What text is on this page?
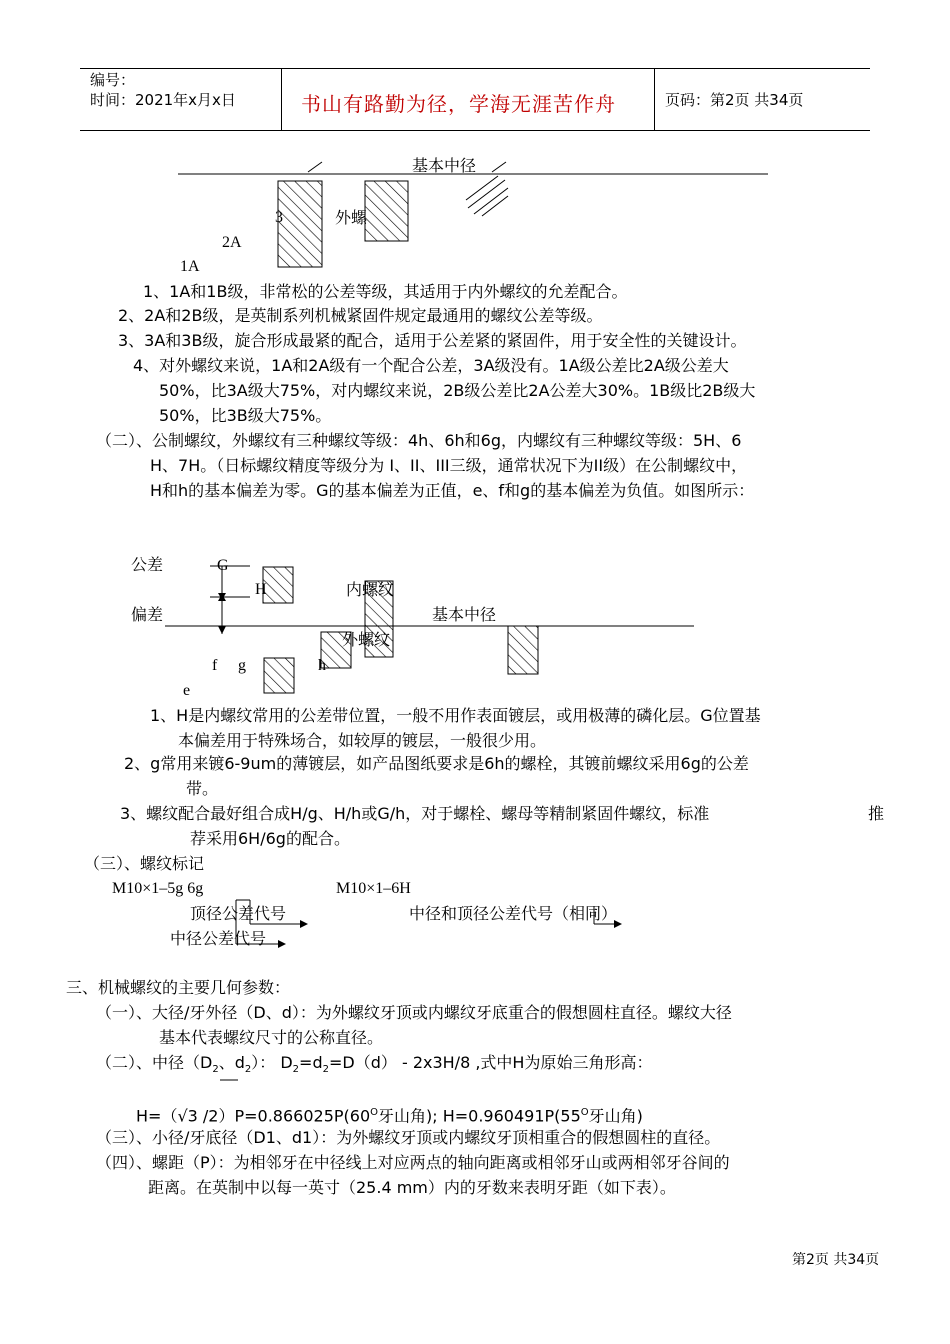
编号：
时间：2021年x月x日	书山有路勤为径，学海无涯苦作舟	页码：第2页 共34页
基本中径
外螺
3
2A
1A
1、1A和1B级，非常松的公差等级，其适用于内外螺纹的允差配合。
2、2A和2B级，是英制系列机械紧固件规定最通用的螺纹公差等级。
3、3A和3B级，旋合形成最紧的配合，适用于公差紧的紧固件，用于安全性的关键设计。
4、对外螺纹来说，1A和2A级有一个配合公差，3A级没有。1A级公差比2A级公差大
50%，比3A级大75%，对内螺纹来说，2B级公差比2A公差大30%。1B级比2B级大
50%，比3B级大75%。
（二）、公制螺纹，外螺纹有三种螺纹等级：4h、6h和6g，内螺纹有三种螺纹等级：5H、6
H、7H。（日标螺纹精度等级分为 I、II、III三级，通常状况下为II级）在公制螺纹中，
H和h的基本偏差为零。G的基本偏差为正值，e、f和g的基本偏差为负值。如图所示：
公差
偏差
G
H	内螺纹
基本中径
外螺纹
f g	h
e
1、H是内螺纹常用的公差带位置，一般不用作表面镀层，或用极薄的磷化层。G位置基
本偏差用于特殊场合，如较厚的镀层，一般很少用。
2、g常用来镀6-9um的薄镀层，如产品图纸要求是6h的螺栓，其镀前螺纹采用6g的公差
带。
3、螺纹配合最好组合成H/g、H/h或G/h，对于螺栓、螺母等精制紧固件螺纹，标准	推
荐采用6H/6g的配合。
（三）、螺纹标记
M10×1–5g 6g	M10×1–6H
顶径公差代号	中径和顶径公差代号（相同）
中径公差代号
三、机械螺纹的主要几何参数：
（一）、大径/牙外径（D、d）：为外螺纹牙顶或内螺纹牙底重合的假想圆柱直径。螺纹大径
基本代表螺纹尺寸的公称直径。
（二）、中径（$D_2$、$d_2$）： $D_2=d_2=D(d) - 2x3H/8$ ,式中H为原始三角形高：
H=（√3 $/2)P=0.866025P(60^O$牙山角); $H=0.960491P(55^O$牙山角)
（三）、小径/牙底径（D1、d1）：为外螺纹牙顶或内螺纹牙顶相重合的假想圆柱的直径。
（四）、螺距（P）：为相邻牙在中径线上对应两点的轴向距离或相邻牙山或两相邻牙谷间的
距离。在英制中以每一英寸（25.4 mm）内的牙数来表明牙距（如下表）。
第2页 共34页
